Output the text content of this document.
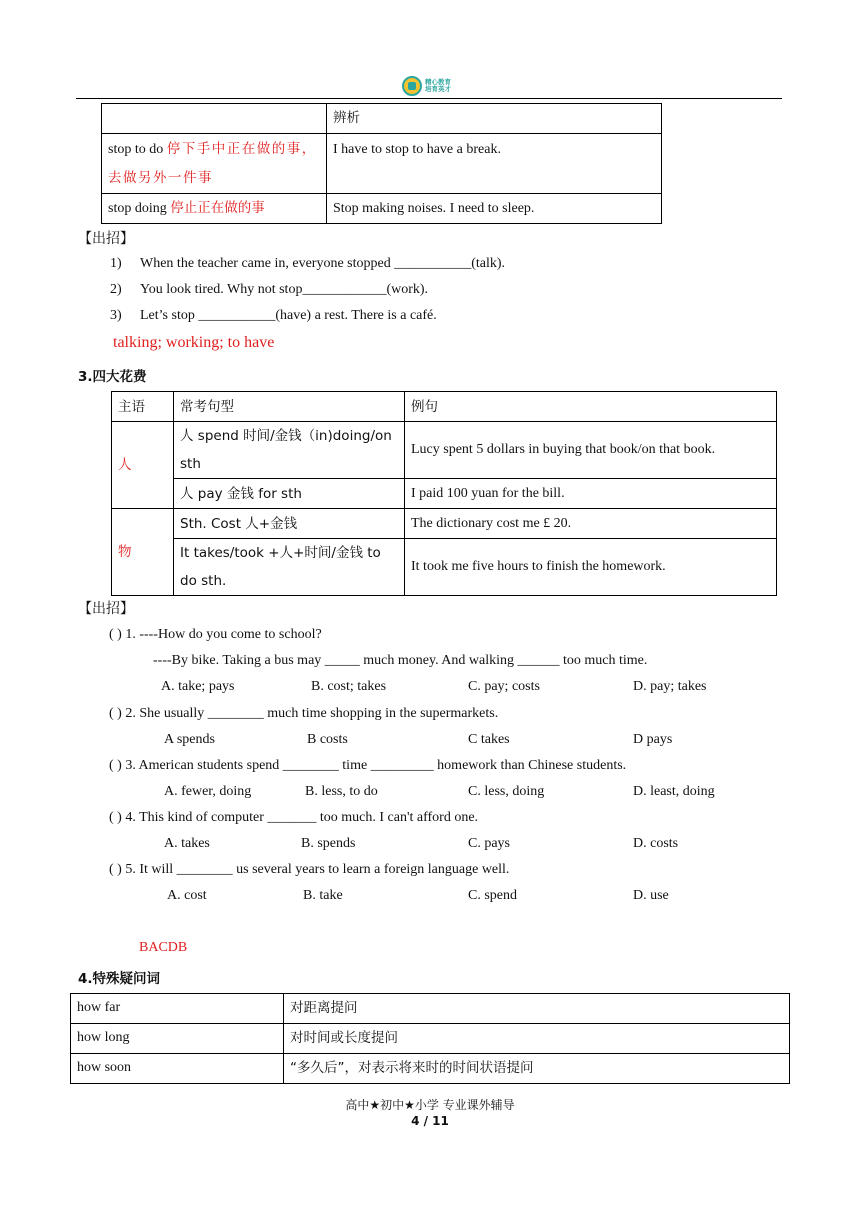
精心教育
培育英才
	辨析
stop to do 停下手中正在做的事，去做另外一件事	I have to stop to have a break.
stop doing 停止正在做的事	Stop making noises. I need to sleep.
【出招】
1) When the teacher came in, everyone stopped ___________(talk).
2) You look tired. Why not stop____________(work).
3) Let’s stop ___________(have) a rest. There is a café.
talking; working; to have
3.四大花费
主语	常考句型	例句
人	人 spend 时间/金钱（in)doing/on sth	Lucy spent 5 dollars in buying that book/on that book.
	人 pay 金钱 for sth	I paid 100 yuan for the bill.
物	Sth. Cost 人+金钱	The dictionary cost me £ 20.
	It takes/took +人+时间/金钱 to do sth.	It took me five hours to finish the homework.
【出招】
( ) 1. ----How do you come to school?
----By bike. Taking a bus may _____ much money. And walking ______ too much time.
A. take; pays	B. cost; takes	C. pay; costs	D. pay; takes
( ) 2. She usually ________ much time shopping in the supermarkets.
A spends	B costs	C takes	D pays
( ) 3. American students spend ________ time _________ homework than Chinese students.
A. fewer, doing	B. less, to do	C. less, doing	D. least, doing
( ) 4. This kind of computer _______ too much. I can't afford one.
A. takes	B. spends	C. pays	D. costs
( ) 5. It will ________ us several years to learn a foreign language well.
A. cost	B. take	C. spend	D. use
BACDB
4.特殊疑问词
how far	对距离提问
how long	对时间或长度提问
how soon	“多久后”，对表示将来时的时间状语提问
高中★初中★小学 专业课外辅导
4 / 11
